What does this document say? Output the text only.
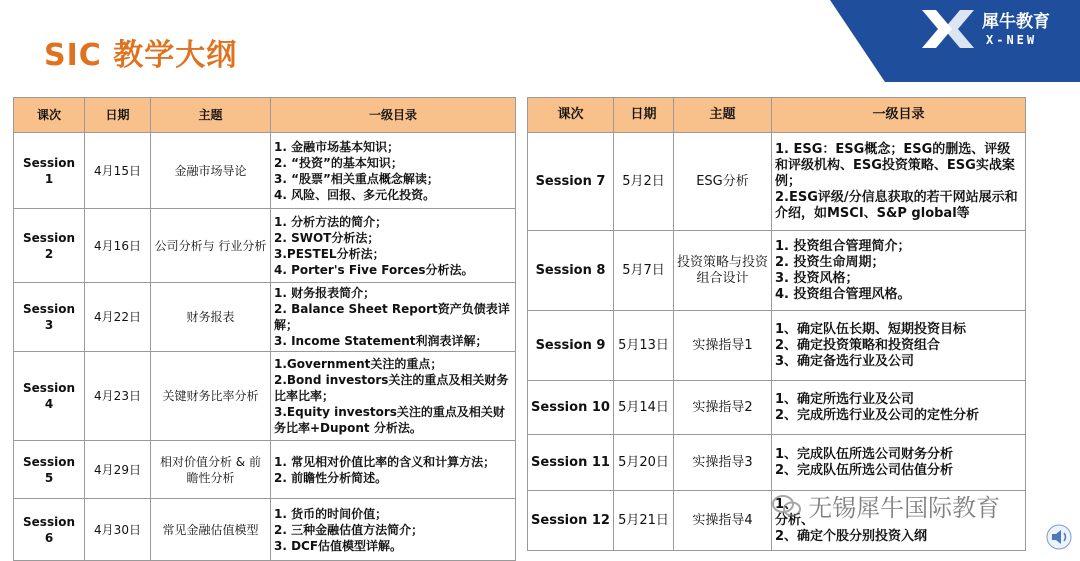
SIC 教学大纲
犀牛教育
X-NEW
课次	日期	主题	一级目录
Session 1	4月15日	金融市场导论	1. 金融市场基本知识；
2. “投资”的基本知识；
3. “股票”相关重点概念解读；
4. 风险、回报、多元化投资。

Session 2	4月16日	公司分析与 行业分析	1. 分析方法的简介；
2. SWOT分析法；
3.PESTEL分析法；
4. Porter's Five Forces分析法。

Session 3	4月22日	财务报表	1. 财务报表简介；
2. Balance Sheet Report资产负债表详解；
3. Income Statement利润表详解；

Session 4	4月23日	关键财务比率分析	1.Government关注的重点；
2.Bond investors关注的重点及相关财务比率比率；
3.Equity investors关注的重点及相关财务比率+Dupont 分析法。

Session 5	4月29日	相对价值分析 & 前瞻性分析	1. 常见相对价值比率的含义和计算方法；
2. 前瞻性分析简述。

Session 6	4月30日	常见金融估值模型	1. 货币的时间价值；
2. 三种金融估值方法简介；
3. DCF估值模型详解。
课次	日期	主题	一级目录
Session 7	5月2日	ESG分析	1. ESG：ESG概念；ESG的删选、评级和评级机构、ESG投资策略、ESG实战案例；
2.ESG评级/分信息获取的若干网站展示和介绍，如MSCI、S&P global等

Session 8	5月7日	投资策略与投资 组合设计	1. 投资组合管理简介；
2. 投资生命周期；
3. 投资风格；
4. 投资组合管理风格。

Session 9	5月13日	实操指导1	1、确定队伍长期、短期投资目标
2、确定投资策略和投资组合
3、确定备选行业及公司

Session 10	5月14日	实操指导2	1、确定所选行业及公司
2、完成所选行业及公司的定性分析

Session 11	5月20日	实操指导3	1、完成队伍所选公司财务分析
2、完成队伍所选公司估值分析

Session 12	5月21日	实操指导4	1、
分析、
2、确定个股分别投资入纲
无锡犀牛国际教育
